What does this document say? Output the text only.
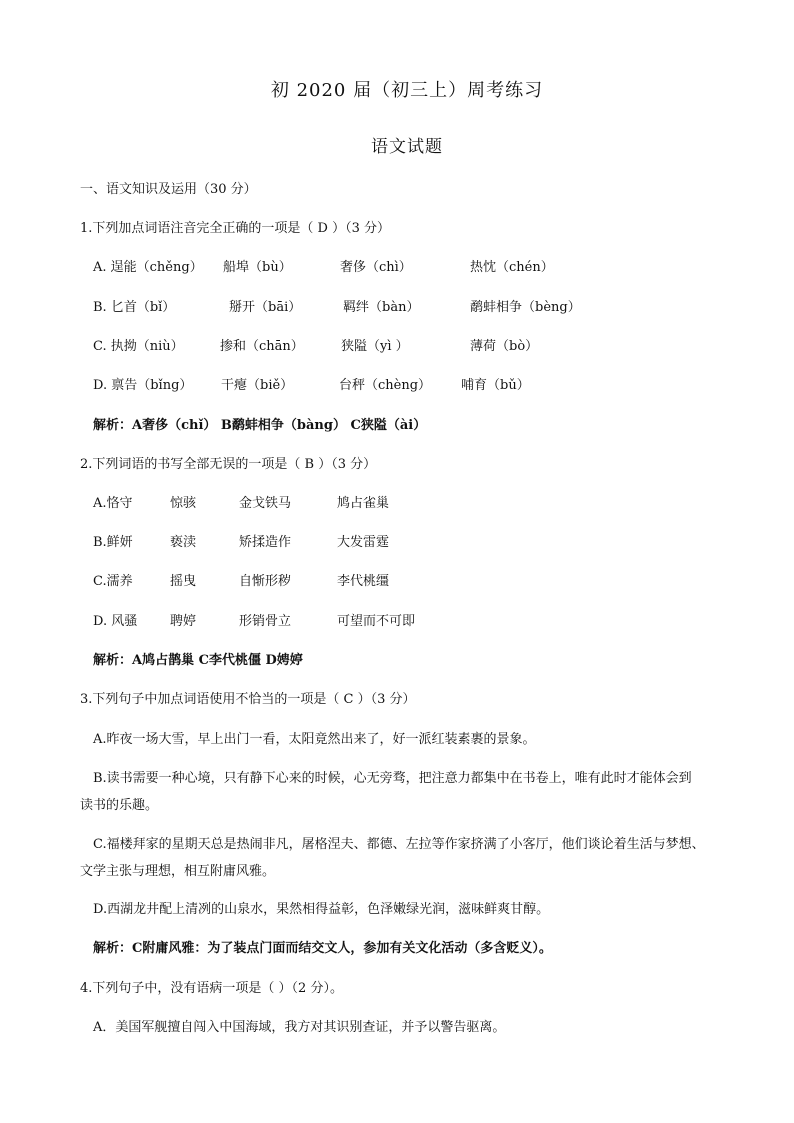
初 2020 届（初三上）周考练习
语文试题
一、语文知识及运用（30 分）
1.下列加点词语注音完全正确的一项是（ D ）（3 分）
A. 逞能（chěng） 船埠（bù）	奢侈（chì）	热忱（chén）
B. 匕首（bǐ）	掰开（bāi）	羁绊（bàn）	鹬蚌相争（bèng）
C. 执拗（niù）	掺和（chān）	狭隘（yì ）	薄荷（bò）
D. 禀告（bǐng） 干瘪（biě）	台秤（chèng） 哺育（bǔ）
解析：A奢侈（chǐ） B鹬蚌相争（bàng） C狭隘（ài）
2.下列词语的书写全部无误的一项是（ B ）（3 分）
A.恪守	惊骇	金戈铁马	鸠占雀巢
B.鲜妍	亵渎	矫揉造作	大发雷霆
C.濡养	摇曳	自惭形秽	李代桃缰
D. 风骚	聘婷	形销骨立	可望而不可即
解析：A鸠占鹊巢 C李代桃僵 D娉婷
3.下列句子中加点词语使用不恰当的一项是（ C ）（3 分）
A.昨夜一场大雪，早上出门一看，太阳竟然出来了，好一派红装素裹的景象。
B.读书需要一种心境，只有静下心来的时候，心无旁骛，把注意力都集中在书卷上，唯有此时才能体会到
读书的乐趣。
C.福楼拜家的星期天总是热闹非凡，屠格涅夫、都德、左拉等作家挤满了小客厅，他们谈论着生活与梦想、
文学主张与理想，相互附庸风雅。
D.西湖龙井配上清冽的山泉水，果然相得益彰，色泽嫩绿光润，滋味鲜爽甘醇。
解析：C附庸风雅：为了装点门面而结交文人，参加有关文化活动（多含贬义）。
4.下列句子中，没有语病一项是（ ）（2 分）。
A．美国军舰擅自闯入中国海域，我方对其识别查证，并予以警告驱离。
